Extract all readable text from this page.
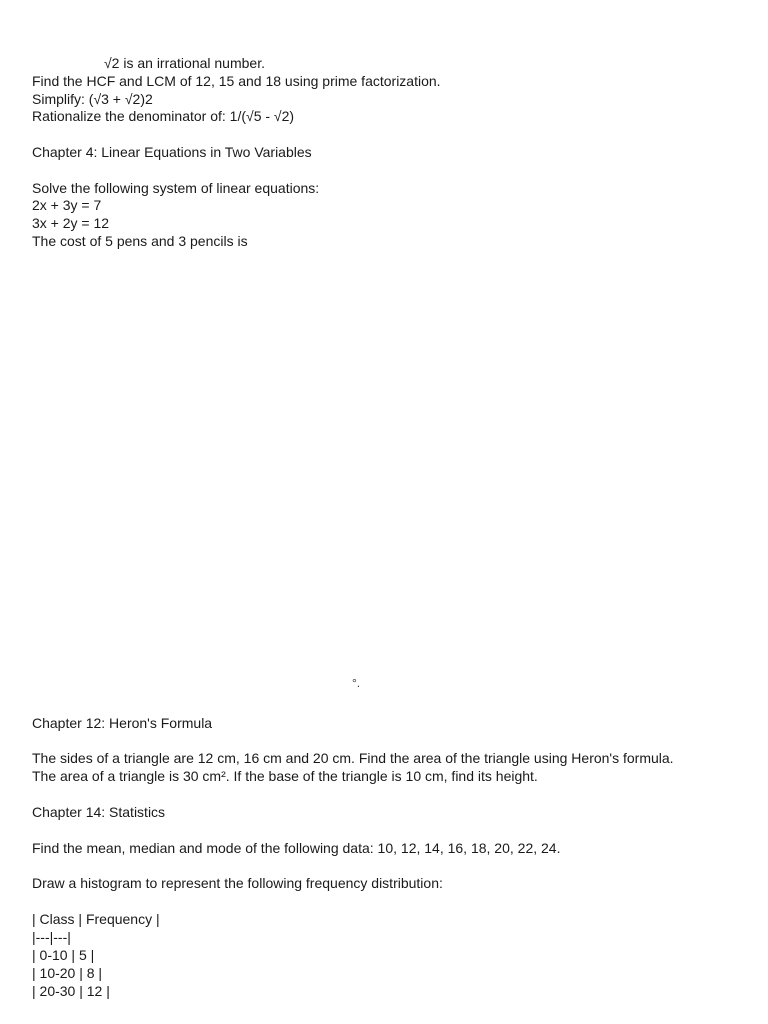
√2 is an irrational number.
Find the HCF and LCM of 12, 15 and 18 using prime factorization.
Simplify: (√3 + √2)2
Rationalize the denominator of: 1/(√5 - √2)
Chapter 4: Linear Equations in Two Variables
Solve the following system of linear equations:
2x + 3y = 7
3x + 2y = 12
The cost of 5 pens and 3 pencils is
°.
Chapter 12: Heron's Formula
The sides of a triangle are 12 cm, 16 cm and 20 cm. Find the area of the triangle using Heron's formula.
The area of a triangle is 30 cm². If the base of the triangle is 10 cm, find its height.
Chapter 14: Statistics
Find the mean, median and mode of the following data: 10, 12, 14, 16, 18, 20, 22, 24.
Draw a histogram to represent the following frequency distribution:
| Class | Frequency |
|---|---|
| 0-10 | 5 |
| 10-20 | 8 |
| 20-30 | 12 |
